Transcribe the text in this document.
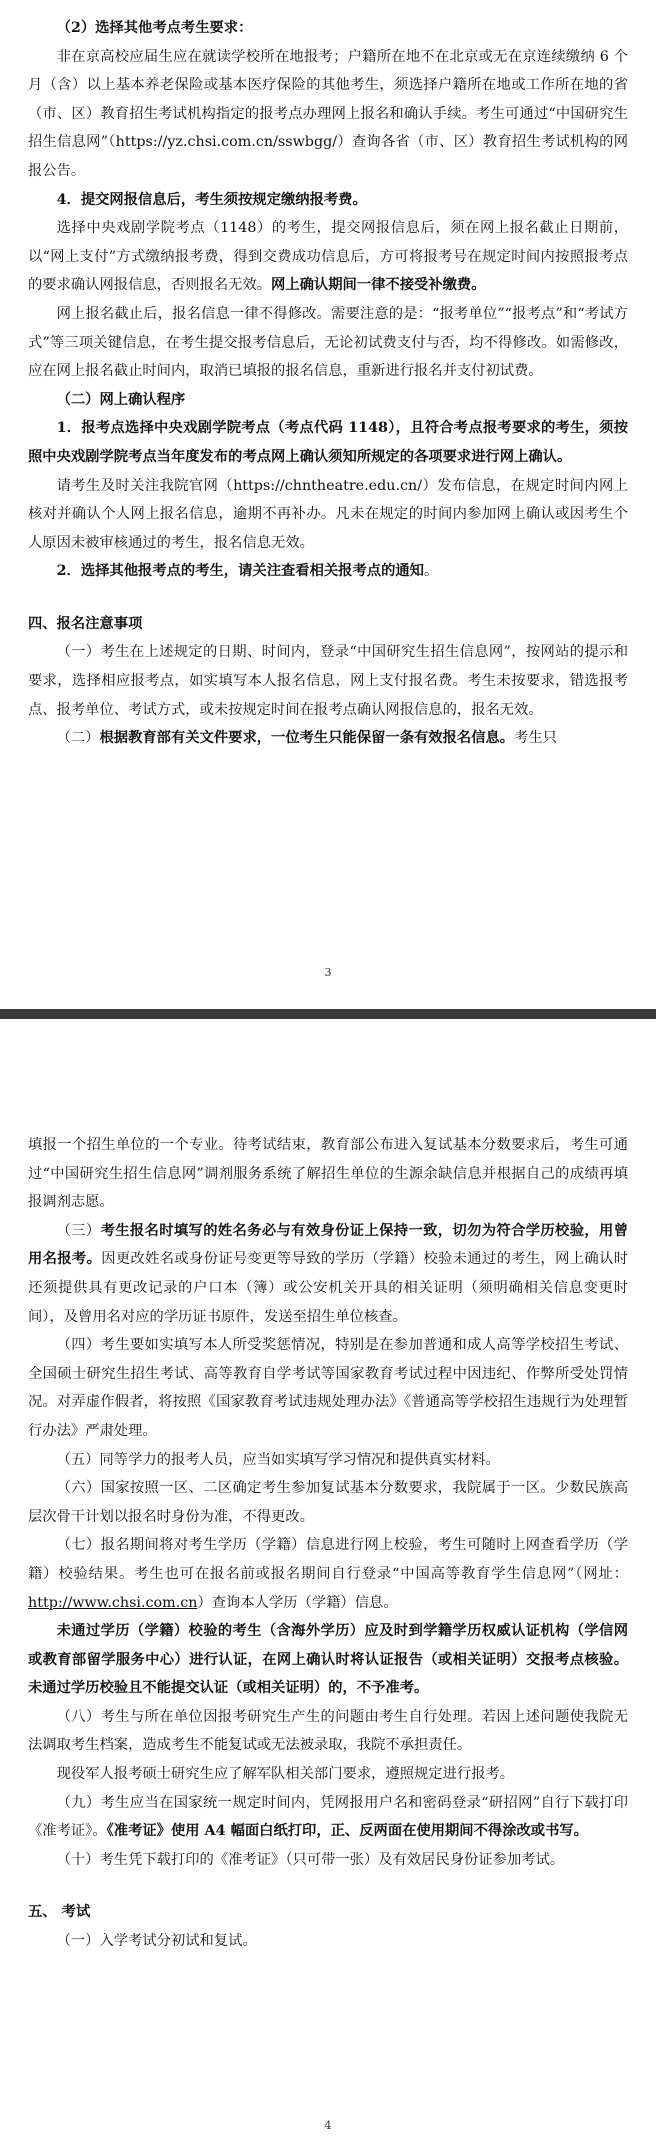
（2）选择其他考点考生要求：

非在京高校应届生应在就读学校所在地报考；户籍所在地不在北京或无在京连续缴纳 6 个月（含）以上基本养老保险或基本医疗保险的其他考生，须选择户籍所在地或工作所在地的省（市、区）教育招生考试机构指定的报考点办理网上报名和确认手续。考生可通过“中国研究生招生信息网”（https://yz.chsi.com.cn/sswbgg/）查询各省（市、区）教育招生考试机构的网报公告。

4．提交网报信息后，考生须按规定缴纳报考费。

选择中央戏剧学院考点（1148）的考生，提交网报信息后，须在网上报名截止日期前，以“网上支付”方式缴纳报考费，得到交费成功信息后，方可将报考号在规定时间内按照报考点的要求确认网报信息，否则报名无效。网上确认期间一律不接受补缴费。

网上报名截止后，报名信息一律不得修改。需要注意的是：“报考单位”“报考点”和“考试方式”等三项关键信息，在考生提交报考信息后，无论初试费支付与否，均不得修改。如需修改，应在网上报名截止时间内，取消已填报的报名信息，重新进行报名并支付初试费。

（二）网上确认程序

1．报考点选择中央戏剧学院考点（考点代码 1148），且符合考点报考要求的考生，须按照中央戏剧学院考点当年度发布的考点网上确认须知所规定的各项要求进行网上确认。

请考生及时关注我院官网（https://chntheatre.edu.cn/）发布信息，在规定时间内网上核对并确认个人网上报名信息，逾期不再补办。凡未在规定的时间内参加网上确认或因考生个人原因未被审核通过的考生，报名信息无效。

2．选择其他报考点的考生，请关注查看相关报考点的通知。

四、报名注意事项

（一）考生在上述规定的日期、时间内，登录“中国研究生招生信息网”，按网站的提示和要求，选择相应报考点，如实填写本人报名信息，网上支付报名费。考生未按要求，错选报考点、报考单位、考试方式，或未按规定时间在报考点确认网报信息的，报名无效。

（二）根据教育部有关文件要求，一位考生只能保留一条有效报名信息。考生只

3

填报一个招生单位的一个专业。待考试结束，教育部公布进入复试基本分数要求后，考生可通过“中国研究生招生信息网”调剂服务系统了解招生单位的生源余缺信息并根据自己的成绩再填报调剂志愿。

（三）考生报名时填写的姓名务必与有效身份证上保持一致，切勿为符合学历校验，用曾用名报考。因更改姓名或身份证号变更等导致的学历（学籍）校验未通过的考生，网上确认时还须提供具有更改记录的户口本（簿）或公安机关开具的相关证明（须明确相关信息变更时间），及曾用名对应的学历证书原件，发送至招生单位核查。

（四）考生要如实填写本人所受奖惩情况，特别是在参加普通和成人高等学校招生考试、全国硕士研究生招生考试、高等教育自学考试等国家教育考试过程中因违纪、作弊所受处罚情况。对弄虚作假者，将按照《国家教育考试违规处理办法》《普通高等学校招生违规行为处理暂行办法》严肃处理。

（五）同等学力的报考人员，应当如实填写学习情况和提供真实材料。

（六）国家按照一区、二区确定考生参加复试基本分数要求，我院属于一区。少数民族高层次骨干计划以报名时身份为准，不得更改。

（七）报名期间将对考生学历（学籍）信息进行网上校验，考生可随时上网查看学历（学籍）校验结果。考生也可在报名前或报名期间自行登录“中国高等教育学生信息网”（网址：http://www.chsi.com.cn）查询本人学历（学籍）信息。

未通过学历（学籍）校验的考生（含海外学历）应及时到学籍学历权威认证机构（学信网或教育部留学服务中心）进行认证，在网上确认时将认证报告（或相关证明）交报考点核验。未通过学历校验且不能提交认证（或相关证明）的，不予准考。

（八）考生与所在单位因报考研究生产生的问题由考生自行处理。若因上述问题使我院无法调取考生档案，造成考生不能复试或无法被录取，我院不承担责任。

现役军人报考硕士研究生应了解军队相关部门要求，遵照规定进行报考。

（九）考生应当在国家统一规定时间内，凭网报用户名和密码登录“研招网”自行下载打印《准考证》。《准考证》使用 A4 幅面白纸打印，正、反两面在使用期间不得涂改或书写。

（十）考生凭下载打印的《准考证》（只可带一张）及有效居民身份证参加考试。

五、 考试

（一）入学考试分初试和复试。

4
